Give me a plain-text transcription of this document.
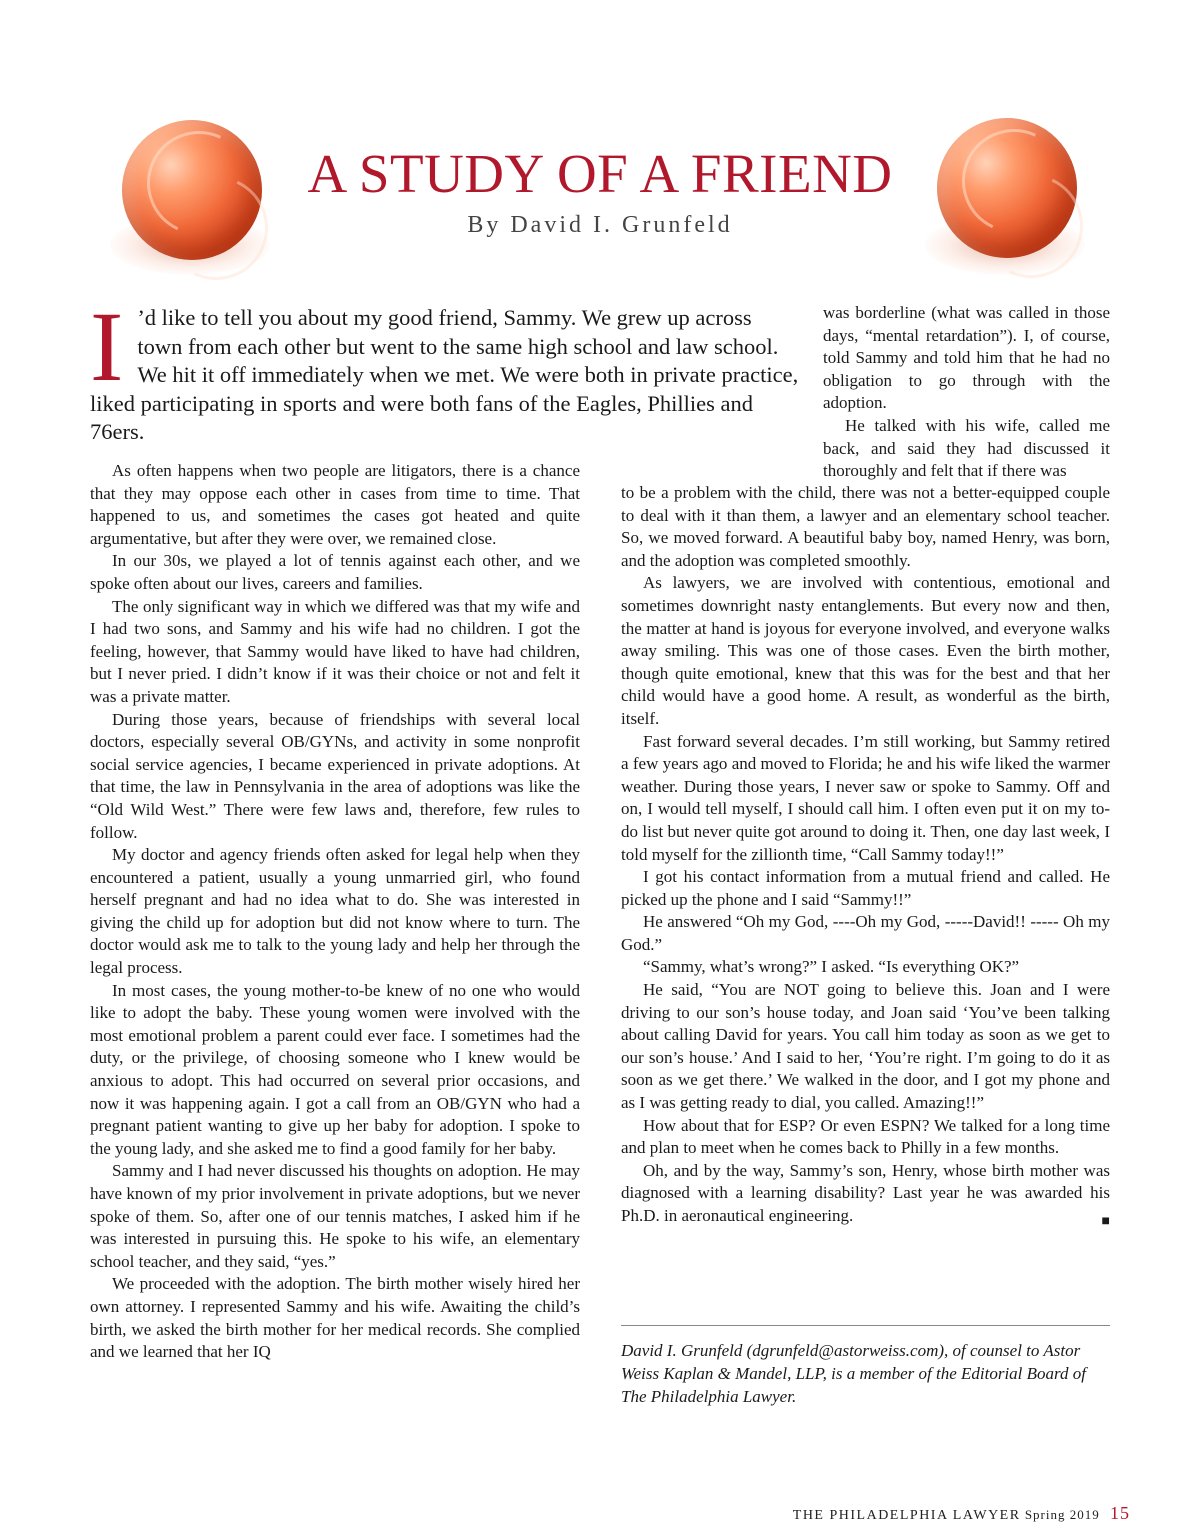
A STUDY OF A FRIEND
By David I. Grunfeld

I ’d like to tell you about my good friend, Sammy. We grew up across town from each other but went to the same high school and law school. We hit it off immediately when we met. We were both in private practice, liked participating in sports and were both fans of the Eagles, Phillies and 76ers.

was borderline (what was called in those days, “mental retardation”). I, of course, told Sammy and told him that he had no obligation to go through with the adoption.

He talked with his wife, called me back, and said they had discussed it thoroughly and felt that if there was

As often happens when two people are litigators, there is a chance that they may oppose each other in cases from time to time. That happened to us, and sometimes the cases got heated and quite argumentative, but after they were over, we remained close.

In our 30s, we played a lot of tennis against each other, and we spoke often about our lives, careers and families.

The only significant way in which we differed was that my wife and I had two sons, and Sammy and his wife had no children. I got the feeling, however, that Sammy would have liked to have had children, but I never pried. I didn’t know if it was their choice or not and felt it was a private matter.

During those years, because of friendships with several local doctors, especially several OB/GYNs, and activity in some nonprofit social service agencies, I became experienced in private adoptions. At that time, the law in Pennsylvania in the area of adoptions was like the “Old Wild West.” There were few laws and, therefore, few rules to follow.

My doctor and agency friends often asked for legal help when they encountered a patient, usually a young unmarried girl, who found herself pregnant and had no idea what to do. She was interested in giving the child up for adoption but did not know where to turn. The doctor would ask me to talk to the young lady and help her through the legal process.

In most cases, the young mother-to-be knew of no one who would like to adopt the baby. These young women were involved with the most emotional problem a parent could ever face. I sometimes had the duty, or the privilege, of choosing someone who I knew would be anxious to adopt. This had occurred on several prior occasions, and now it was happening again. I got a call from an OB/GYN who had a pregnant patient wanting to give up her baby for adoption. I spoke to the young lady, and she asked me to find a good family for her baby.

Sammy and I had never discussed his thoughts on adoption. He may have known of my prior involvement in private adoptions, but we never spoke of them. So, after one of our tennis matches, I asked him if he was interested in pursuing this. He spoke to his wife, an elementary school teacher, and they said, “yes.”

We proceeded with the adoption. The birth mother wisely hired her own attorney. I represented Sammy and his wife. Awaiting the child’s birth, we asked the birth mother for her medical records. She complied and we learned that her IQ

to be a problem with the child, there was not a better-equipped couple to deal with it than them, a lawyer and an elementary school teacher. So, we moved forward. A beautiful baby boy, named Henry, was born, and the adoption was completed smoothly.

As lawyers, we are involved with contentious, emotional and sometimes downright nasty entanglements. But every now and then, the matter at hand is joyous for everyone involved, and everyone walks away smiling. This was one of those cases. Even the birth mother, though quite emotional, knew that this was for the best and that her child would have a good home. A result, as wonderful as the birth, itself.

Fast forward several decades. I’m still working, but Sammy retired a few years ago and moved to Florida; he and his wife liked the warmer weather. During those years, I never saw or spoke to Sammy. Off and on, I would tell myself, I should call him. I often even put it on my to-do list but never quite got around to doing it. Then, one day last week, I told myself for the zillionth time, “Call Sammy today!!”

I got his contact information from a mutual friend and called. He picked up the phone and I said “Sammy!!”

He answered “Oh my God, ----Oh my God, -----David!! ----- Oh my God.”

“Sammy, what’s wrong?” I asked. “Is everything OK?”

He said, “You are NOT going to believe this. Joan and I were driving to our son’s house today, and Joan said ‘You’ve been talking about calling David for years. You call him today as soon as we get to our son’s house.’ And I said to her, ‘You’re right. I’m going to do it as soon as we get there.’ We walked in the door, and I got my phone and as I was getting ready to dial, you called. Amazing!!”

How about that for ESP? Or even ESPN? We talked for a long time and plan to meet when he comes back to Philly in a few months.

Oh, and by the way, Sammy’s son, Henry, whose birth mother was diagnosed with a learning disability? Last year he was awarded his Ph.D. in aeronautical engineering.	■

David I. Grunfeld (dgrunfeld@astorweiss.com), of counsel to Astor Weiss Kaplan & Mandel, LLP, is a member of the Editorial Board of The Philadelphia Lawyer.

THE PHILADELPHIA LAWYER Spring 2019 15
